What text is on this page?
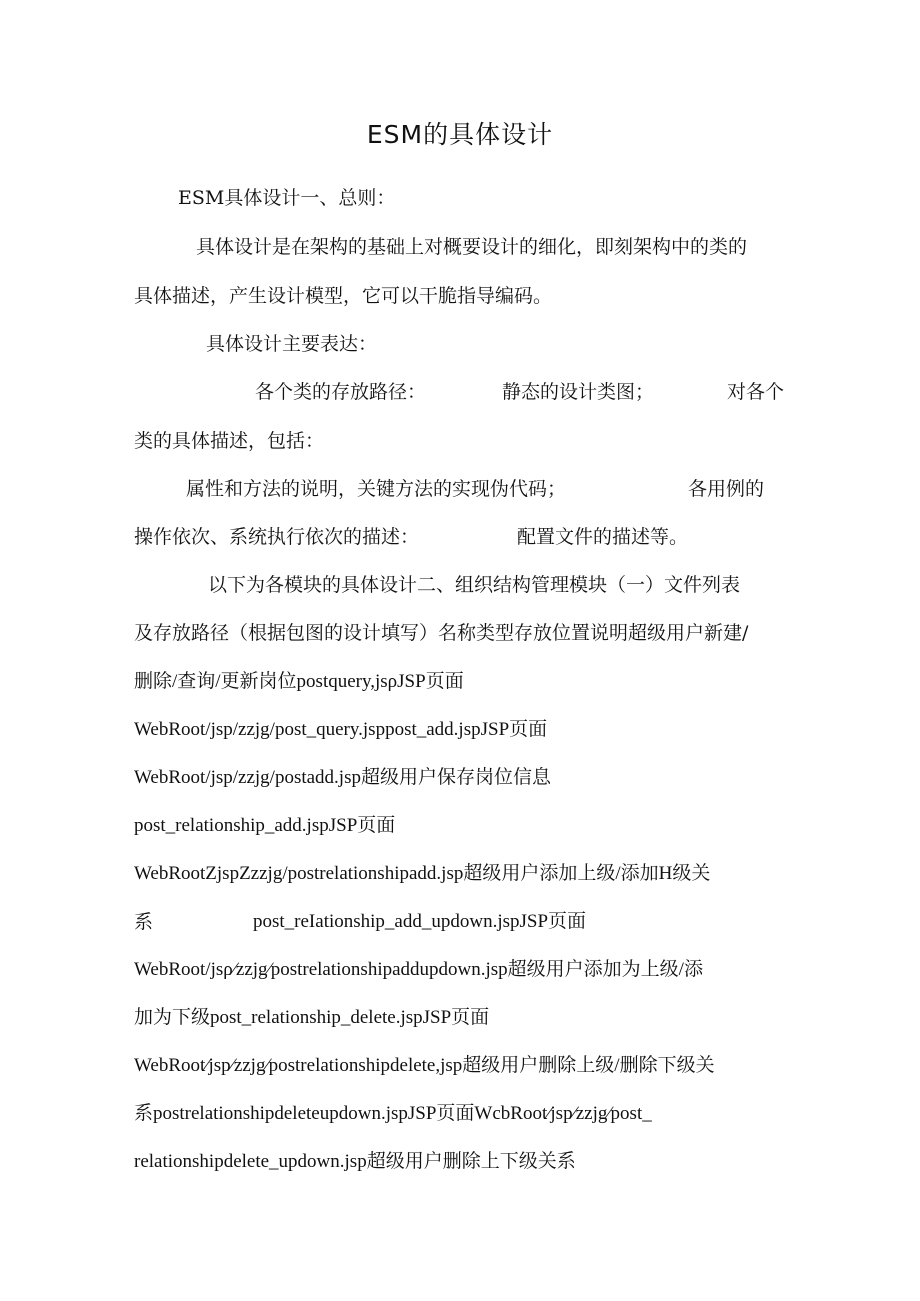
ESM的具体设计
ESM具体设计一、总则：
具体设计是在架构的基础上对概要设计的细化，即刻架构中的类的
具体描述，产生设计模型，它可以干脆指导编码。
具体设计主要表达：
各个类的存放路径：	静态的设计类图；	对各个
类的具体描述，包括：
属性和方法的说明，关键方法的实现伪代码；	各用例的
操作依次、系统执行依次的描述：	配置文件的描述等。
以下为各模块的具体设计二、组织结构管理模块（一）文件列表
及存放路径（根据包图的设计填写）名称类型存放位置说明超级用户新建/
删除/查询/更新岗位postquery,jsρJSP页面
WebRoot/jsp/zzjg/post_query.jsppost_add.jspJSP页面
WebRoot/jsp/zzjg/postadd.jsp超级用户保存岗位信息
post_relationship_add.jspJSP页面
WebRootZjspZzzjg/postrelationshipadd.jsp超级用户添加上级/添加H级关
系	post_reIationship_add_updown.jspJSP页面
WebRoot/jsρ∕zzjg∕postrelationshipaddupdown.jsp超级用户添加为上级/添
加为下级post_relationship_delete.jspJSP页面
WebRoot∕jsp∕zzjg∕postrelationshipdelete,jsp超级用户删除上级/删除下级关
系postrelationshipdeleteupdown.jspJSP页面WcbRoot∕jsp∕zzjg∕post_
relationshipdelete_updown.jsp超级用户删除上下级关系
